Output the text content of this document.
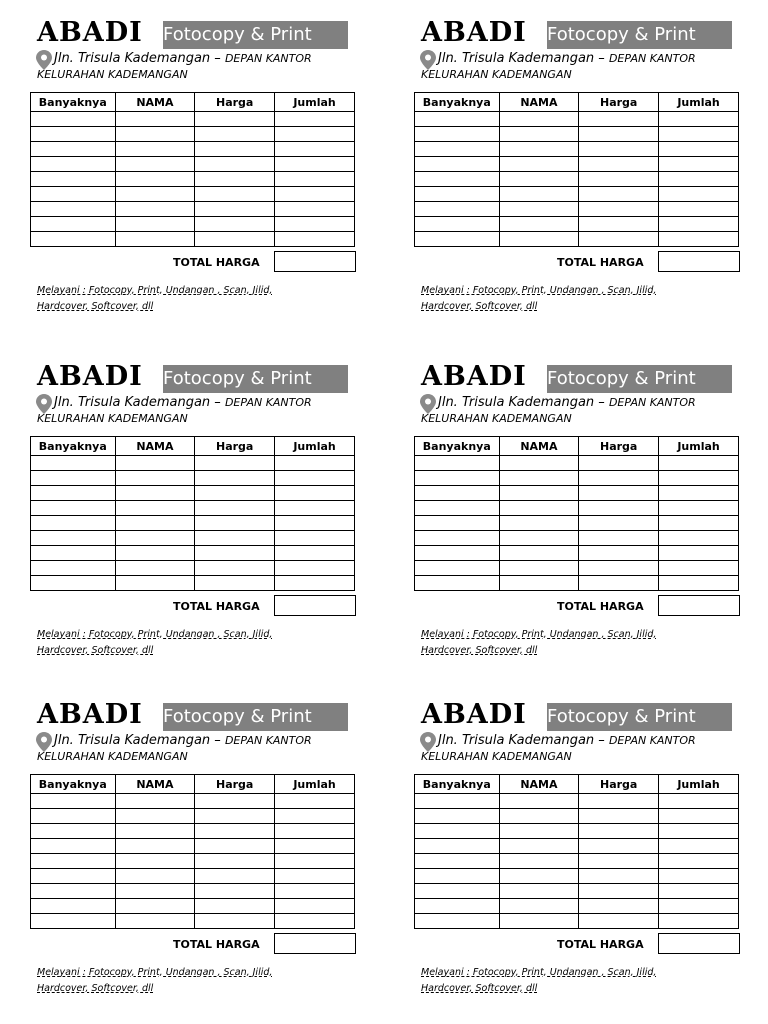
ABADI Fotocopy & Print
Jln. Trisula Kademangan – DEPAN KANTOR
KELURAHAN KADEMANGAN
Banyaknya	NAMA	Harga	Jumlah

TOTAL HARGA
Melayani : Fotocopy, Print, Undangan , Scan, Jilid,
Hardcover, Softcover, dll
ABADI Fotocopy & Print
Jln. Trisula Kademangan – DEPAN KANTOR
KELURAHAN KADEMANGAN
Banyaknya	NAMA	Harga	Jumlah

TOTAL HARGA
Melayani : Fotocopy, Print, Undangan , Scan, Jilid,
Hardcover, Softcover, dll
ABADI Fotocopy & Print
Jln. Trisula Kademangan – DEPAN KANTOR
KELURAHAN KADEMANGAN
Banyaknya	NAMA	Harga	Jumlah

TOTAL HARGA
Melayani : Fotocopy, Print, Undangan , Scan, Jilid,
Hardcover, Softcover, dll
ABADI Fotocopy & Print
Jln. Trisula Kademangan – DEPAN KANTOR
KELURAHAN KADEMANGAN
Banyaknya	NAMA	Harga	Jumlah

TOTAL HARGA
Melayani : Fotocopy, Print, Undangan , Scan, Jilid,
Hardcover, Softcover, dll
ABADI Fotocopy & Print
Jln. Trisula Kademangan – DEPAN KANTOR
KELURAHAN KADEMANGAN
Banyaknya	NAMA	Harga	Jumlah

TOTAL HARGA
Melayani : Fotocopy, Print, Undangan , Scan, Jilid,
Hardcover, Softcover, dll
ABADI Fotocopy & Print
Jln. Trisula Kademangan – DEPAN KANTOR
KELURAHAN KADEMANGAN
Banyaknya	NAMA	Harga	Jumlah

TOTAL HARGA
Melayani : Fotocopy, Print, Undangan , Scan, Jilid,
Hardcover, Softcover, dll
